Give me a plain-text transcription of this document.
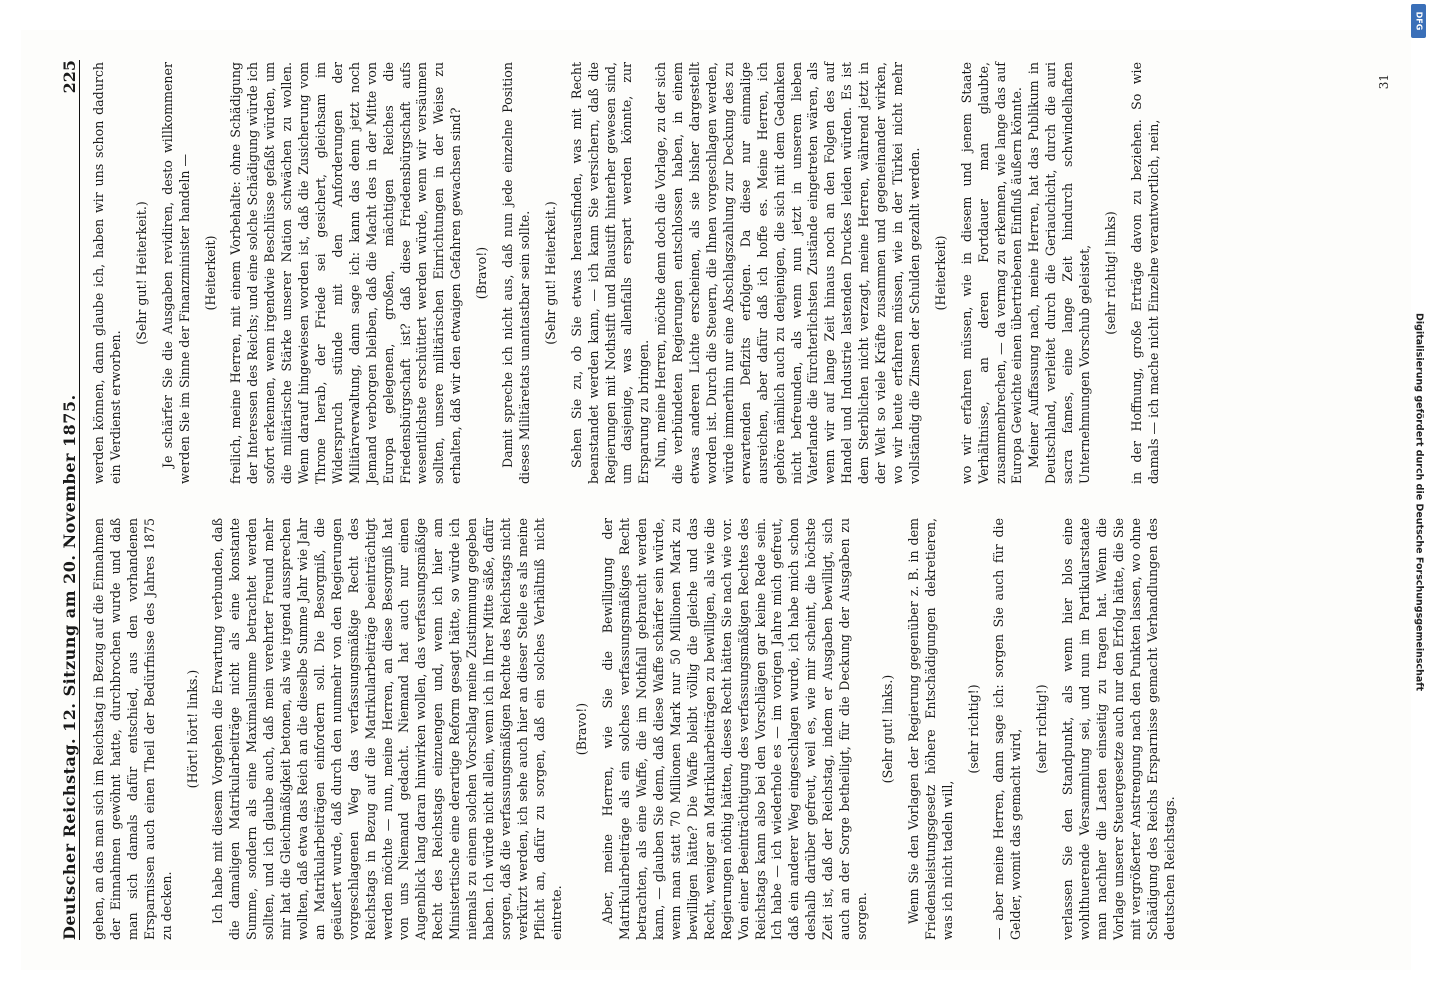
Deutscher Reichstag. 12. Sitzung am 20. November 1875.
225

gehen, an das man sich im Reichstag in Bezug auf die Einnahmen der Einnahmen gewöhnt hatte, durchbrochen wurde und daß man sich damals dafür entschied, aus den vorhandenen Ersparnissen auch einen Theil der Bedürfnisse des Jahres 1875 zu decken.

(Hört! hört! links.) Ich habe mit diesem Vorgehen die Erwartung verbunden, daß die damaligen Matrikularbeiträge nicht als eine konstante Summe, sondern als eine Maximalsumme betrachtet werden sollten, und ich glaube auch, daß mein verehrter Freund mehr mir hat die Gleichmäßigkeit betonen, als wie irgend aussprechen wollten, daß etwa das Reich an die dieselbe Summe Jahr wie Jahr an Matrikularbeiträgen einfordern soll. Die Besorgniß, die geäußert wurde, daß durch den nunmehr von den Regierungen vorgeschlagenen Weg das verfassungsmäßige Recht des Reichstags in Bezug auf die Matrikularbeiträge beeinträchtigt werden möchte — nun, meine Herren, an diese Besorgniß hat von uns Niemand gedacht. Niemand hat auch nur einen Augenblick lang daran hinwirken wollen, das verfassungsmäßige Recht des Reichstags einzuengen und, wenn ich hier am Ministertische eine derartige Reform gesagt hätte, so würde ich niemals zu einem solchen Vorschlag meine Zustimmung gegeben haben. Ich würde nicht allein, wenn ich in Ihrer Mitte säße, dafür sorgen, daß die verfassungsmäßigen Rechte des Reichstags nicht verkürzt werden, ich sehe auch hier an dieser Stelle es als meine Pflicht an, dafür zu sorgen, daß ein solches Verhältniß nicht eintrete.

(Bravo!) Aber, meine Herren, wie Sie die Bewilligung der Matrikularbeiträge als ein solches verfassungsmäßiges Recht betrachten, als eine Waffe, die im Nothfall gebraucht werden kann, — glauben Sie denn, daß diese Waffe schärfer sein würde, wenn man statt 70 Millionen Mark nur 50 Millionen Mark zu bewilligen hätte? Die Waffe bleibt völlig die gleiche und das Recht, weniger an Matrikularbeiträgen zu bewilligen, als wie die Regierungen nöthig hätten, dieses Recht hätten Sie nach wie vor. Von einer Beeinträchtigung des verfassungsmäßigen Rechtes des Reichstags kann also bei den Vorschlägen gar keine Rede sein. Ich habe — ich wiederhole es — im vorigen Jahre mich gefreut, daß ein anderer Weg eingeschlagen wurde, ich habe mich schon deshalb darüber gefreut, weil es, wie mir scheint, die höchste Zeit ist, daß der Reichstag, indem er Ausgaben bewilligt, sich auch an der Sorge betheiligt, für die Deckung der Ausgaben zu sorgen.

(Sehr gut! links.) Wenn Sie den Vorlagen der Regierung gegenüber z. B. in dem Friedensleistungsgesetz höhere Entschädigungen dekretieren, was ich nicht tadeln will,

(sehr richtig!) — aber meine Herren, dann sage ich: sorgen Sie auch für die Gelder, womit das gemacht wird, (sehr richtig!) verlassen Sie den Standpunkt, als wenn hier blos eine wohlthuerende Versammlung sei, und nun im Partikularstaate man nachher die Lasten einseitig zu tragen hat. Wenn die Vorlage unserer Steuergesetze auch nur den Erfolg hätte, die Sie mit vergrößerter Anstrengung nach den Punkten lassen, wo ohne Schädigung des Reichs Ersparnisse gemacht Verhandlungen des deutschen Reichstags.

werden können, dann glaube ich, haben wir uns schon dadurch ein Verdienst erworben.

(Sehr gut! Heiterkeit.) Je schärfer Sie die Ausgaben revidiren, desto willkommener werden Sie im Sinne der Finanzminister handeln — (Heiterkeit) freilich, meine Herren, mit einem Vorbehalte: ohne Schädigung der Interessen des Reichs; und eine solche Schädigung würde ich sofort erkennen, wenn irgendwie Beschlüsse gefaßt würden, um die militärische Stärke unserer Nation schwächen zu wollen. Wenn darauf hingewiesen worden ist, daß die Zusicherung vom Throne herab, der Friede sei gesichert, gleichsam im Widerspruch stünde mit den Anforderungen der Militärverwaltung, dann sage ich: kann das denn jetzt noch Jemand verborgen bleiben, daß die Macht des in der Mitte von Europa gelegenen, großen, mächtigen Reiches die Friedensbürgschaft ist? daß diese Friedensbürgschaft aufs wesentlichste erschüttert werden würde, wenn wir versäumen sollten, unsere militärischen Einrichtungen in der Weise zu erhalten, daß wir den etwaigen Gefahren gewachsen sind? (Bravo!) Damit spreche ich nicht aus, daß nun jede einzelne Position dieses Militäretats unantastbar sein sollte. (Sehr gut! Heiterkeit.) Sehen Sie zu, ob Sie etwas herausfinden, was mit Recht beanstandet werden kann, — ich kann Sie versichern, daß die Regierungen mit Nothstift und Blaustift hinterher gewesen sind, um dasjenige, was allenfalls erspart werden könnte, zur Ersparung zu bringen. Nun, meine Herren, möchte denn doch die Vorlage, zu der sich die verbündeten Regierungen entschlossen haben, in einem etwas anderen Lichte erscheinen, als sie bisher dargestellt worden ist. Durch die Steuern, die Ihnen vorgeschlagen werden, würde immerhin nur eine Abschlagszahlung zur Deckung des zu erwartenden Defizits erfolgen. Da diese nur einmalige ausreichen, aber dafür daß ich hoffe es. Meine Herren, ich gehöre nämlich auch zu denjenigen, die sich mit dem Gedanken nicht befreunden, als wenn nun jetzt in unserem lieben Vaterlande die fürchterlichsten Zustände eingetreten wären, als wenn wir auf lange Zeit hinaus noch an den Folgen des auf Handel und Industrie lastenden Druckes leiden würden. Es ist dem Sterblichen nicht verzagt, meine Herren, während jetzt in der Welt so viele Kräfte zusammen und gegeneinander wirken, wo wir heute erfahren müssen, wie in der Türkei nicht mehr vollständig die Zinsen der Schulden gezahlt werden. (Heiterkeit) wo wir erfahren müssen, wie in diesem und jenem Staate Verhältnisse, an deren Fortdauer man glaubte, zusammenbrechen, — da vermag zu erkennen, wie lange das auf Europa Gewichte einen übertriebenen Einfluß äußern könnte. Meiner Auffassung nach, meine Herren, hat das Publikum in Deutschland, verleitet durch die Geriauchicht, durch die auri sacra fames, eine lange Zeit hindurch schwindelhaften Unternehmungen Vorschub geleistet, (sehr richtig! links) in der Hoffnung, große Erträge davon zu beziehen. So wie damals — ich mache nicht Einzelne verantwortlich, nein,

31
DFG
Digitalisierung gefördert durch die Deutsche Forschungsgemeinschaft
